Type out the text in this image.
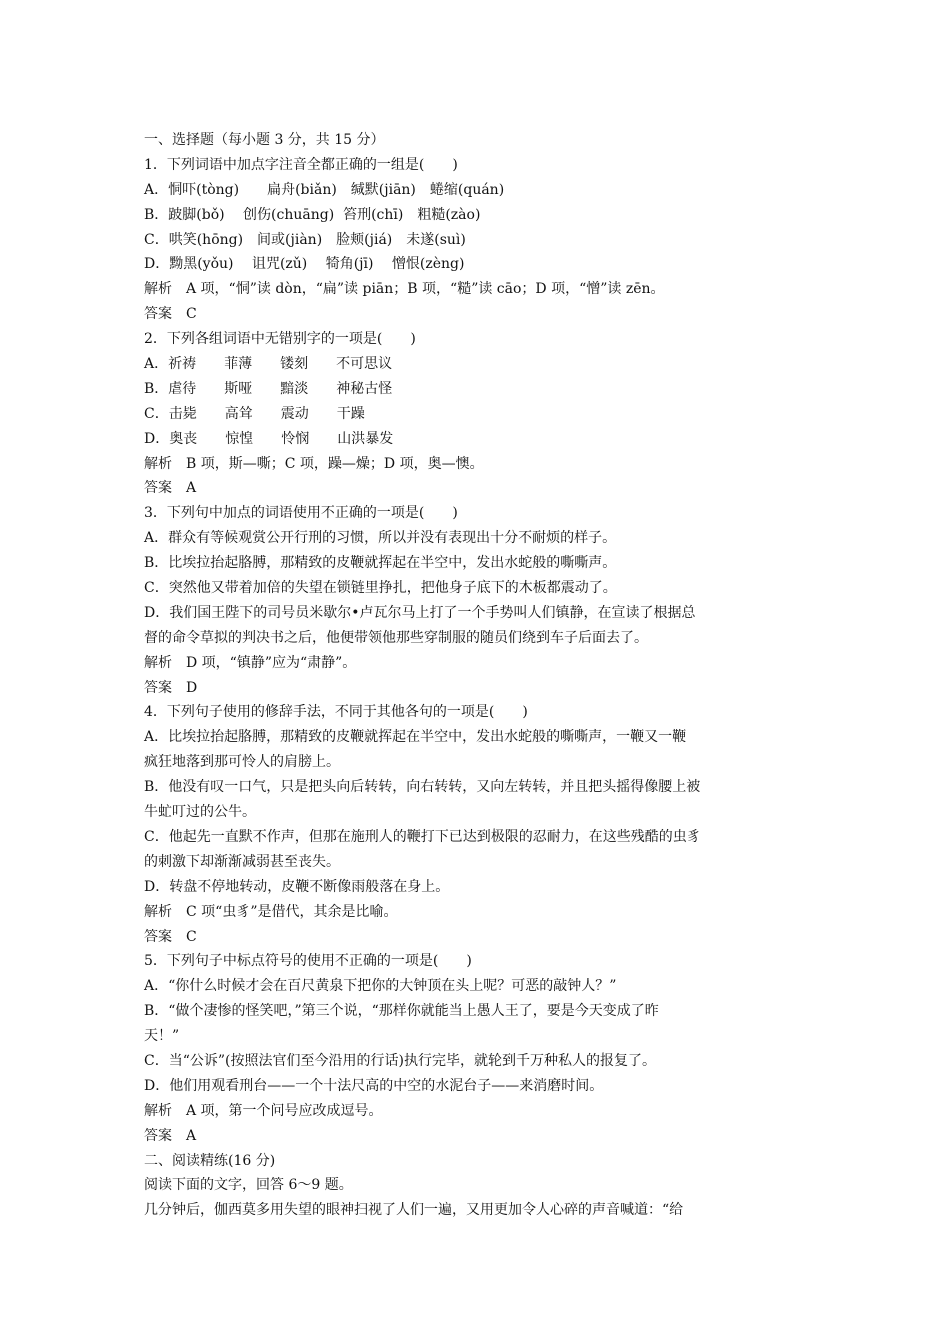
一、选择题（每小题 3 分，共 15 分）
1．下列词语中加点字注音全都正确的一组是(　　)
A．恫吓(tòng)　　扁舟(biǎn)　缄默(jiān)　蜷缩(quán)
B．跛脚(bǒ)　 创伤(chuāng)  笞刑(chī)　粗糙(zào)
C．哄笑(hōng)　间或(jiàn)　脸颊(jiá)　未遂(suì)
D．黝黑(yǒu)　 诅咒(zǔ)　 犄角(jī)　 憎恨(zèng)
解析　A 项，“恫”读 dòn，“扁”读 piān；B 项，“糙”读 cāo；D 项，“憎”读 zēn。
答案　C
2．下列各组词语中无错别字的一项是(　　)
A．祈祷　　菲薄　　镂刻　　不可思议
B．虐待　　斯哑　　黯淡　　神秘古怪
C．击毙　　高耸　　震动　　干躁
D．奥丧　　惊惶　　怜悯　　山洪暴发
解析　B 项，斯—嘶；C 项，躁—燥；D 项，奥—懊。
答案　A
3．下列句中加点的词语使用不正确的一项是(　　)
A．群众有等候观赏公开行刑的习惯，所以并没有表现出十分不耐烦的样子。
B．比埃拉抬起胳膊，那精致的皮鞭就挥起在半空中，发出水蛇般的嘶嘶声。
C．突然他又带着加倍的失望在锁链里挣扎，把他身子底下的木板都震动了。
D．我们国王陛下的司号员米歇尔•卢瓦尔马上打了一个手势叫人们镇静，在宣读了根据总
督的命令草拟的判决书之后，他便带领他那些穿制服的随员们绕到车子后面去了。
解析　D 项，“镇静”应为“肃静”。
答案　D
4．下列句子使用的修辞手法，不同于其他各句的一项是(　　)
A．比埃拉抬起胳膊，那精致的皮鞭就挥起在半空中，发出水蛇般的嘶嘶声，一鞭又一鞭
疯狂地落到那可怜人的肩膀上。
B．他没有叹一口气，只是把头向后转转，向右转转，又向左转转，并且把头摇得像腰上被
牛虻叮过的公牛。
C．他起先一直默不作声，但那在施刑人的鞭打下已达到极限的忍耐力，在这些残酷的虫豸
的刺激下却渐渐减弱甚至丧失。
D．转盘不停地转动，皮鞭不断像雨般落在身上。
解析　C 项“虫豸”是借代，其余是比喻。
答案　C
5．下列句子中标点符号的使用不正确的一项是(　　)
A．“你什么时候才会在百尺黄泉下把你的大钟顶在头上呢？可恶的敲钟人？”
B．“做个凄惨的怪笑吧，”第三个说，“那样你就能当上愚人王了，要是今天变成了昨
天！”
C．当“公诉”(按照法官们至今沿用的行话)执行完毕，就轮到千万种私人的报复了。
D．他们用观看刑台——一个十法尺高的中空的水泥台子——来消磨时间。
解析　A 项，第一个问号应改成逗号。
答案　A
二、阅读精练(16 分)
阅读下面的文字，回答 6～9 题。
几分钟后，伽西莫多用失望的眼神扫视了人们一遍，又用更加令人心碎的声音喊道：“给
